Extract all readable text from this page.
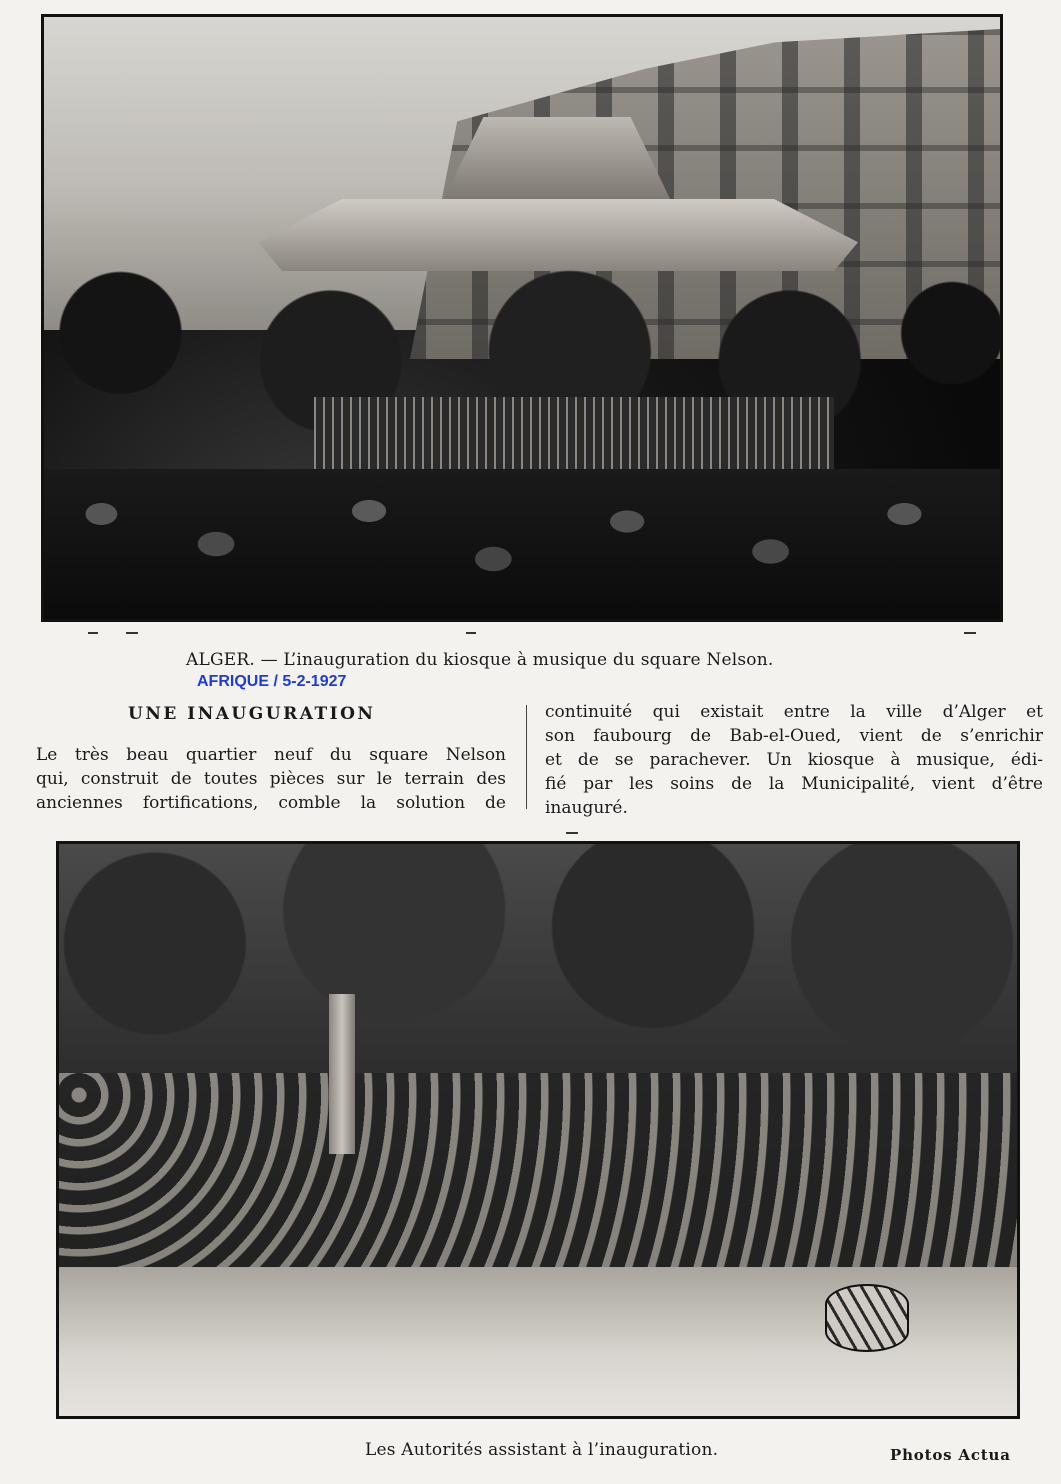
ALGER. — L’inauguration du kiosque à musique du square Nelson.
AFRIQUE / 5-2-1927
UNE INAUGURATION
Le très beau quartier neuf du square Nelson
qui, construit de toutes pièces sur le terrain des
anciennes fortifications, comble la solution de
continuité qui existait entre la ville d’Alger et
son faubourg de Bab-el-Oued, vient de s’enrichir
et de se parachever. Un kiosque à musique, édi-
fié par les soins de la Municipalité, vient d’être
inauguré.
Les Autorités assistant à l’inauguration.	Photos Actua
